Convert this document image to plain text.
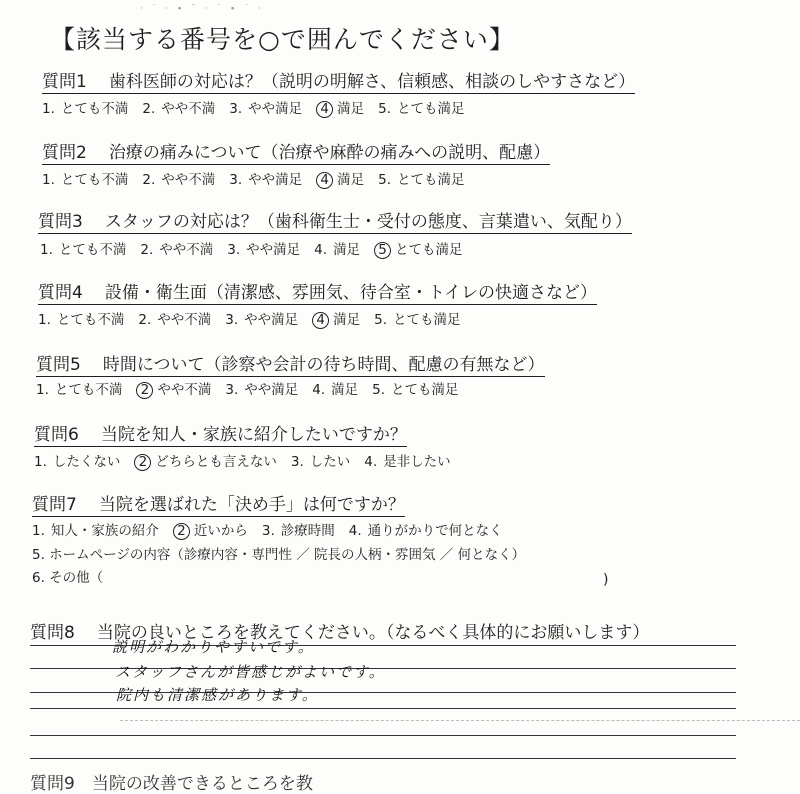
· ˙ · ∙ ¨ · ˙ ∙ ˙ ·
【該当する番号を○で囲んでください】
質問1 歯科医師の対応は？（説明の明解さ、信頼感、相談のしやすさなど）
1. とても不満 2. やや不満 3. やや満足 4 満足 5. とても満足
質問2 治療の痛みについて（治療や麻酔の痛みへの説明、配慮）
1. とても不満 2. やや不満 3. やや満足 4 満足 5. とても満足
質問3 スタッフの対応は？（歯科衛生士・受付の態度、言葉遣い、気配り）
1. とても不満 2. やや不満 3. やや満足 4. 満足 5 とても満足
質問4 設備・衛生面（清潔感、雰囲気、待合室・トイレの快適さなど）
1. とても不満 2. やや不満 3. やや満足 4 満足 5. とても満足
質問5 時間について（診察や会計の待ち時間、配慮の有無など）
1. とても不満 2 やや不満 3. やや満足 4. 満足 5. とても満足
質問6 当院を知人・家族に紹介したいですか？
1. したくない 2 どちらとも言えない 3. したい 4. 是非したい
質問7 当院を選ばれた「決め手」は何ですか？
1. 知人・家族の紹介 2 近いから 3. 診療時間 4. 通りがかりで何となく
5. ホームページの内容（診療内容・専門性 ／ 院長の人柄・雰囲気 ／ 何となく）
6. その他（	)
質問8 当院の良いところを教えてください。（なるべく具体的にお願いします）
説明がわかりやすいです。
スタッフさんが皆感じがよいです。
院内も清潔感があります。
質問9　当院の改善できるところを教
